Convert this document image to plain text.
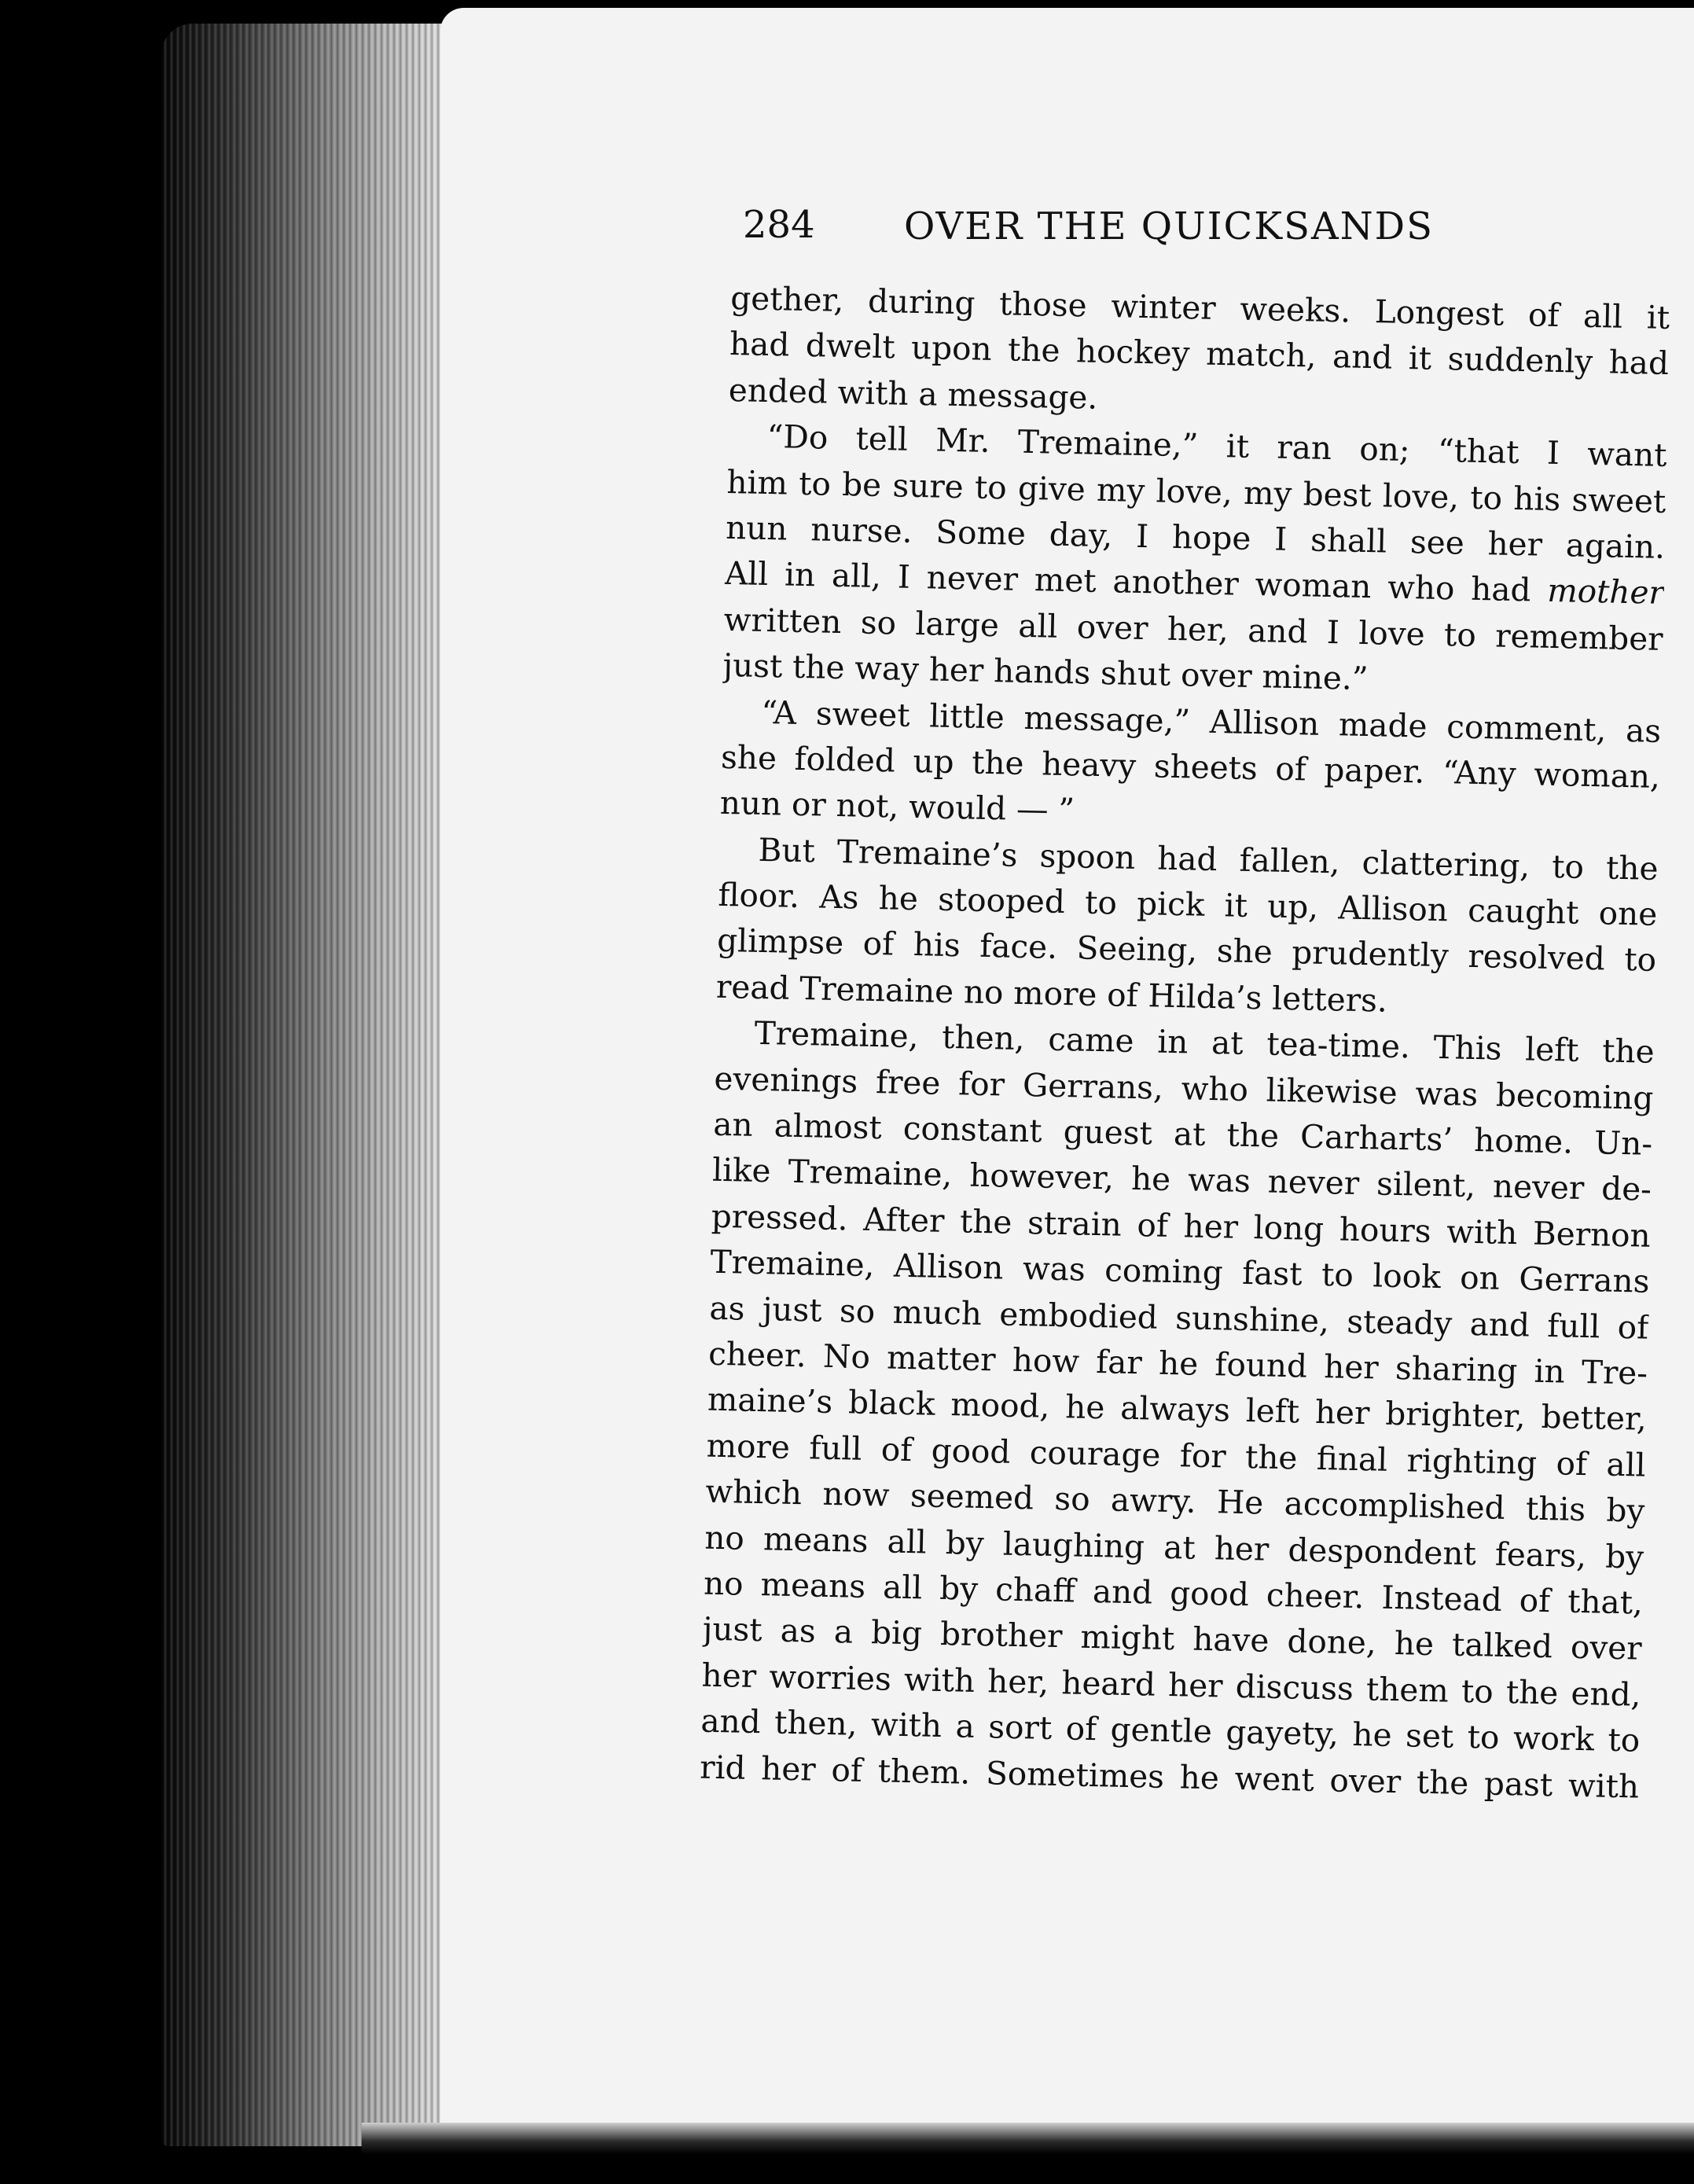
284 OVER THE QUICKSANDS
gether, during those winter weeks. Longest of all it
had dwelt upon the hockey match, and it suddenly had
ended with a message.
“Do tell Mr. Tremaine,” it ran on; “that I want
him to be sure to give my love, my best love, to his sweet
nun nurse. Some day, I hope I shall see her again.
All in all, I never met another woman who had mother
written so large all over her, and I love to remember
just the way her hands shut over mine.”
“A sweet little message,” Allison made comment, as
she folded up the heavy sheets of paper. “Any woman,
nun or not, would — ”
But Tremaine’s spoon had fallen, clattering, to the
floor. As he stooped to pick it up, Allison caught one
glimpse of his face. Seeing, she prudently resolved to
read Tremaine no more of Hilda’s letters.
Tremaine, then, came in at tea-time. This left the
evenings free for Gerrans, who likewise was becoming
an almost constant guest at the Carharts’ home. Un-
like Tremaine, however, he was never silent, never de-
pressed. After the strain of her long hours with Bernon
Tremaine, Allison was coming fast to look on Gerrans
as just so much embodied sunshine, steady and full of
cheer. No matter how far he found her sharing in Tre-
maine’s black mood, he always left her brighter, better,
more full of good courage for the final righting of all
which now seemed so awry. He accomplished this by
no means all by laughing at her despondent fears, by
no means all by chaff and good cheer. Instead of that,
just as a big brother might have done, he talked over
her worries with her, heard her discuss them to the end,
and then, with a sort of gentle gayety, he set to work to
rid her of them. Sometimes he went over the past with
